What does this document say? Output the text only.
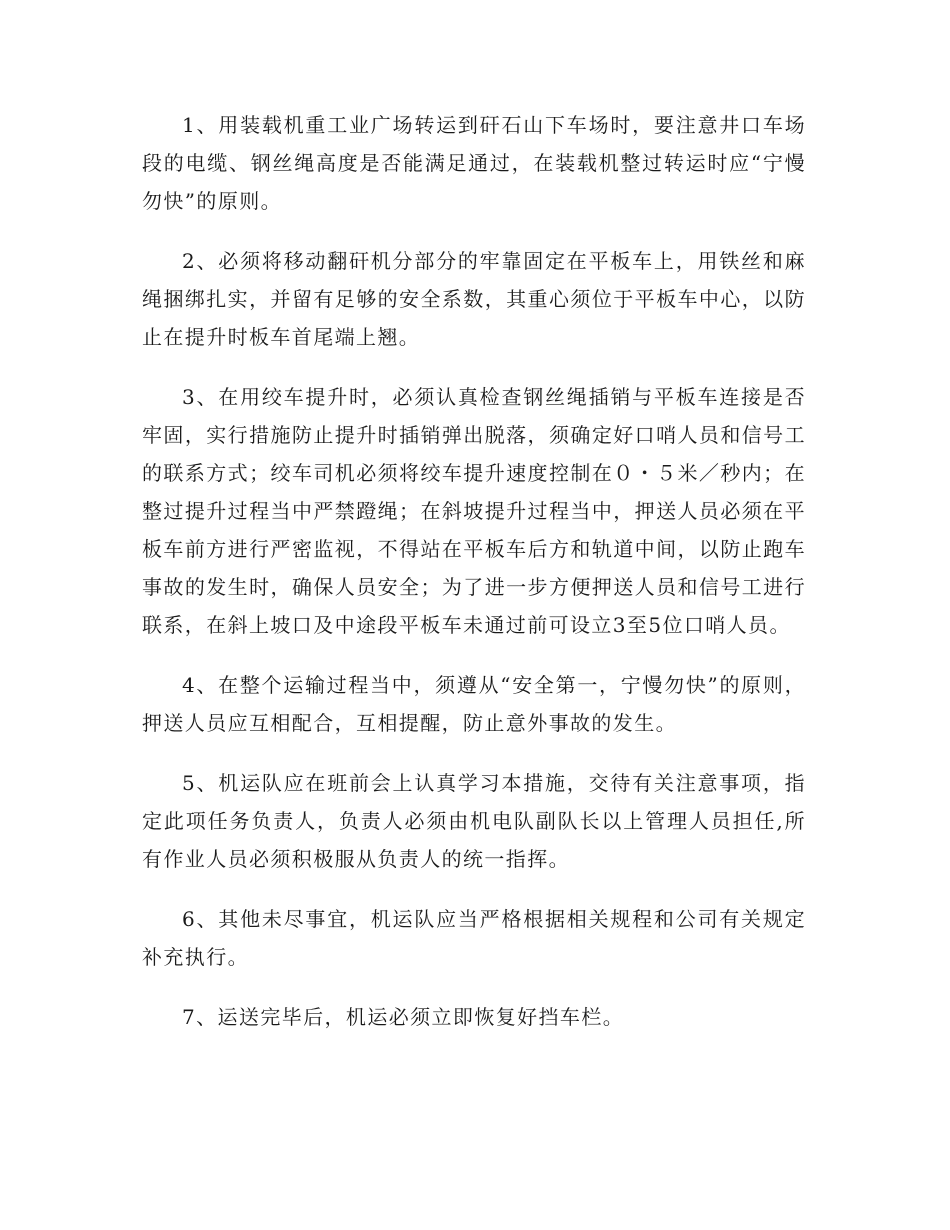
1、用装载机重工业广场转运到矸石山下车场时，要注意井口车场段的电缆、钢丝绳高度是否能满足通过，在装载机整过转运时应“宁慢勿快”的原则。

2、必须将移动翻矸机分部分的牢靠固定在平板车上，用铁丝和麻绳捆绑扎实，并留有足够的安全系数，其重心须位于平板车中心，以防止在提升时板车首尾端上翘。

3、在用绞车提升时，必须认真检查钢丝绳插销与平板车连接是否牢固，实行措施防止提升时插销弹出脱落，须确定好口哨人员和信号工的联系方式；绞车司机必须将绞车提升速度控制在０・５米／秒内；在整过提升过程当中严禁蹬绳；在斜坡提升过程当中，押送人员必须在平板车前方进行严密监视，不得站在平板车后方和轨道中间，以防止跑车事故的发生时，确保人员安全；为了进一步方便押送人员和信号工进行联系，在斜上坡口及中途段平板车未通过前可设立3至5位口哨人员。

4、在整个运输过程当中，须遵从“安全第一，宁慢勿快”的原则，押送人员应互相配合，互相提醒，防止意外事故的发生。

5、机运队应在班前会上认真学习本措施，交待有关注意事项，指定此项任务负责人，负责人必须由机电队副队长以上管理人员担任,所有作业人员必须积极服从负责人的统一指挥。

6、其他未尽事宜，机运队应当严格根据相关规程和公司有关规定补充执行。

7、运送完毕后，机运必须立即恢复好挡车栏。
